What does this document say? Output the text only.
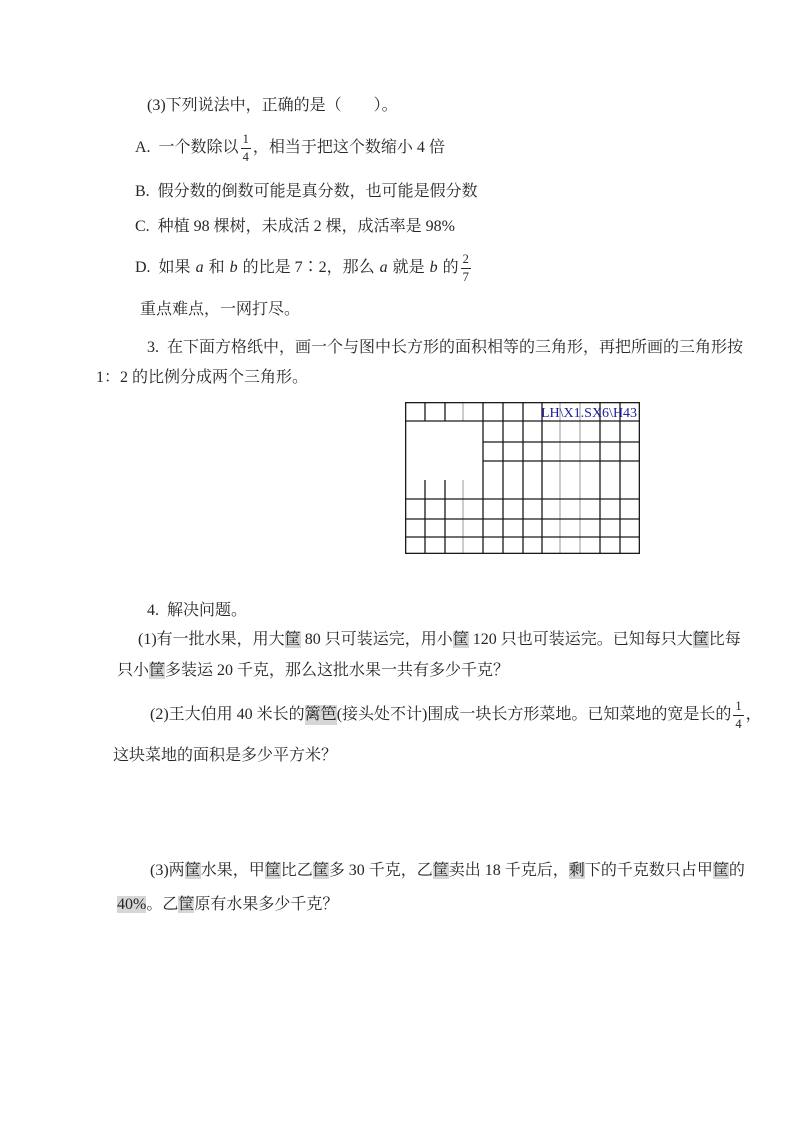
(3)下列说法中，正确的是（　　）。
A.  一个数除以 $\frac{1}{4}$ ，相当于把这个数缩小 4 倍
B.  假分数的倒数可能是真分数，也可能是假分数
C.  种植 98 棵树，未成活 2 棵，成活率是 98%
D.  如果 a 和 b 的比是 7∶2，那么 a 就是 b 的 $\frac{2}{7}$
重点难点，一网打尽。
3.  在下面方格纸中，画一个与图中长方形的面积相等的三角形，再把所画的三角形按
1：2 的比例分成两个三角形。
LH\X1.SX6\H43
4.  解决问题。
(1)有一批水果，用大筐 80 只可装运完，用小筐 120 只也可装运完。已知每只大筐比每
只小筐多装运 20 千克，那么这批水果一共有多少千克？
(2)王大伯用 40 米长的 篱笆 (接头处不计)围成一块长方形菜地。已知菜地的宽是长的 $\frac{1}{4}$ ，
这块菜地的面积是多少平方米？
(3)两筐水果，甲筐比乙筐多 30 千克，乙筐卖出 18 千克后，剩下的千克数只占甲筐的
40%。乙筐原有水果多少千克？
